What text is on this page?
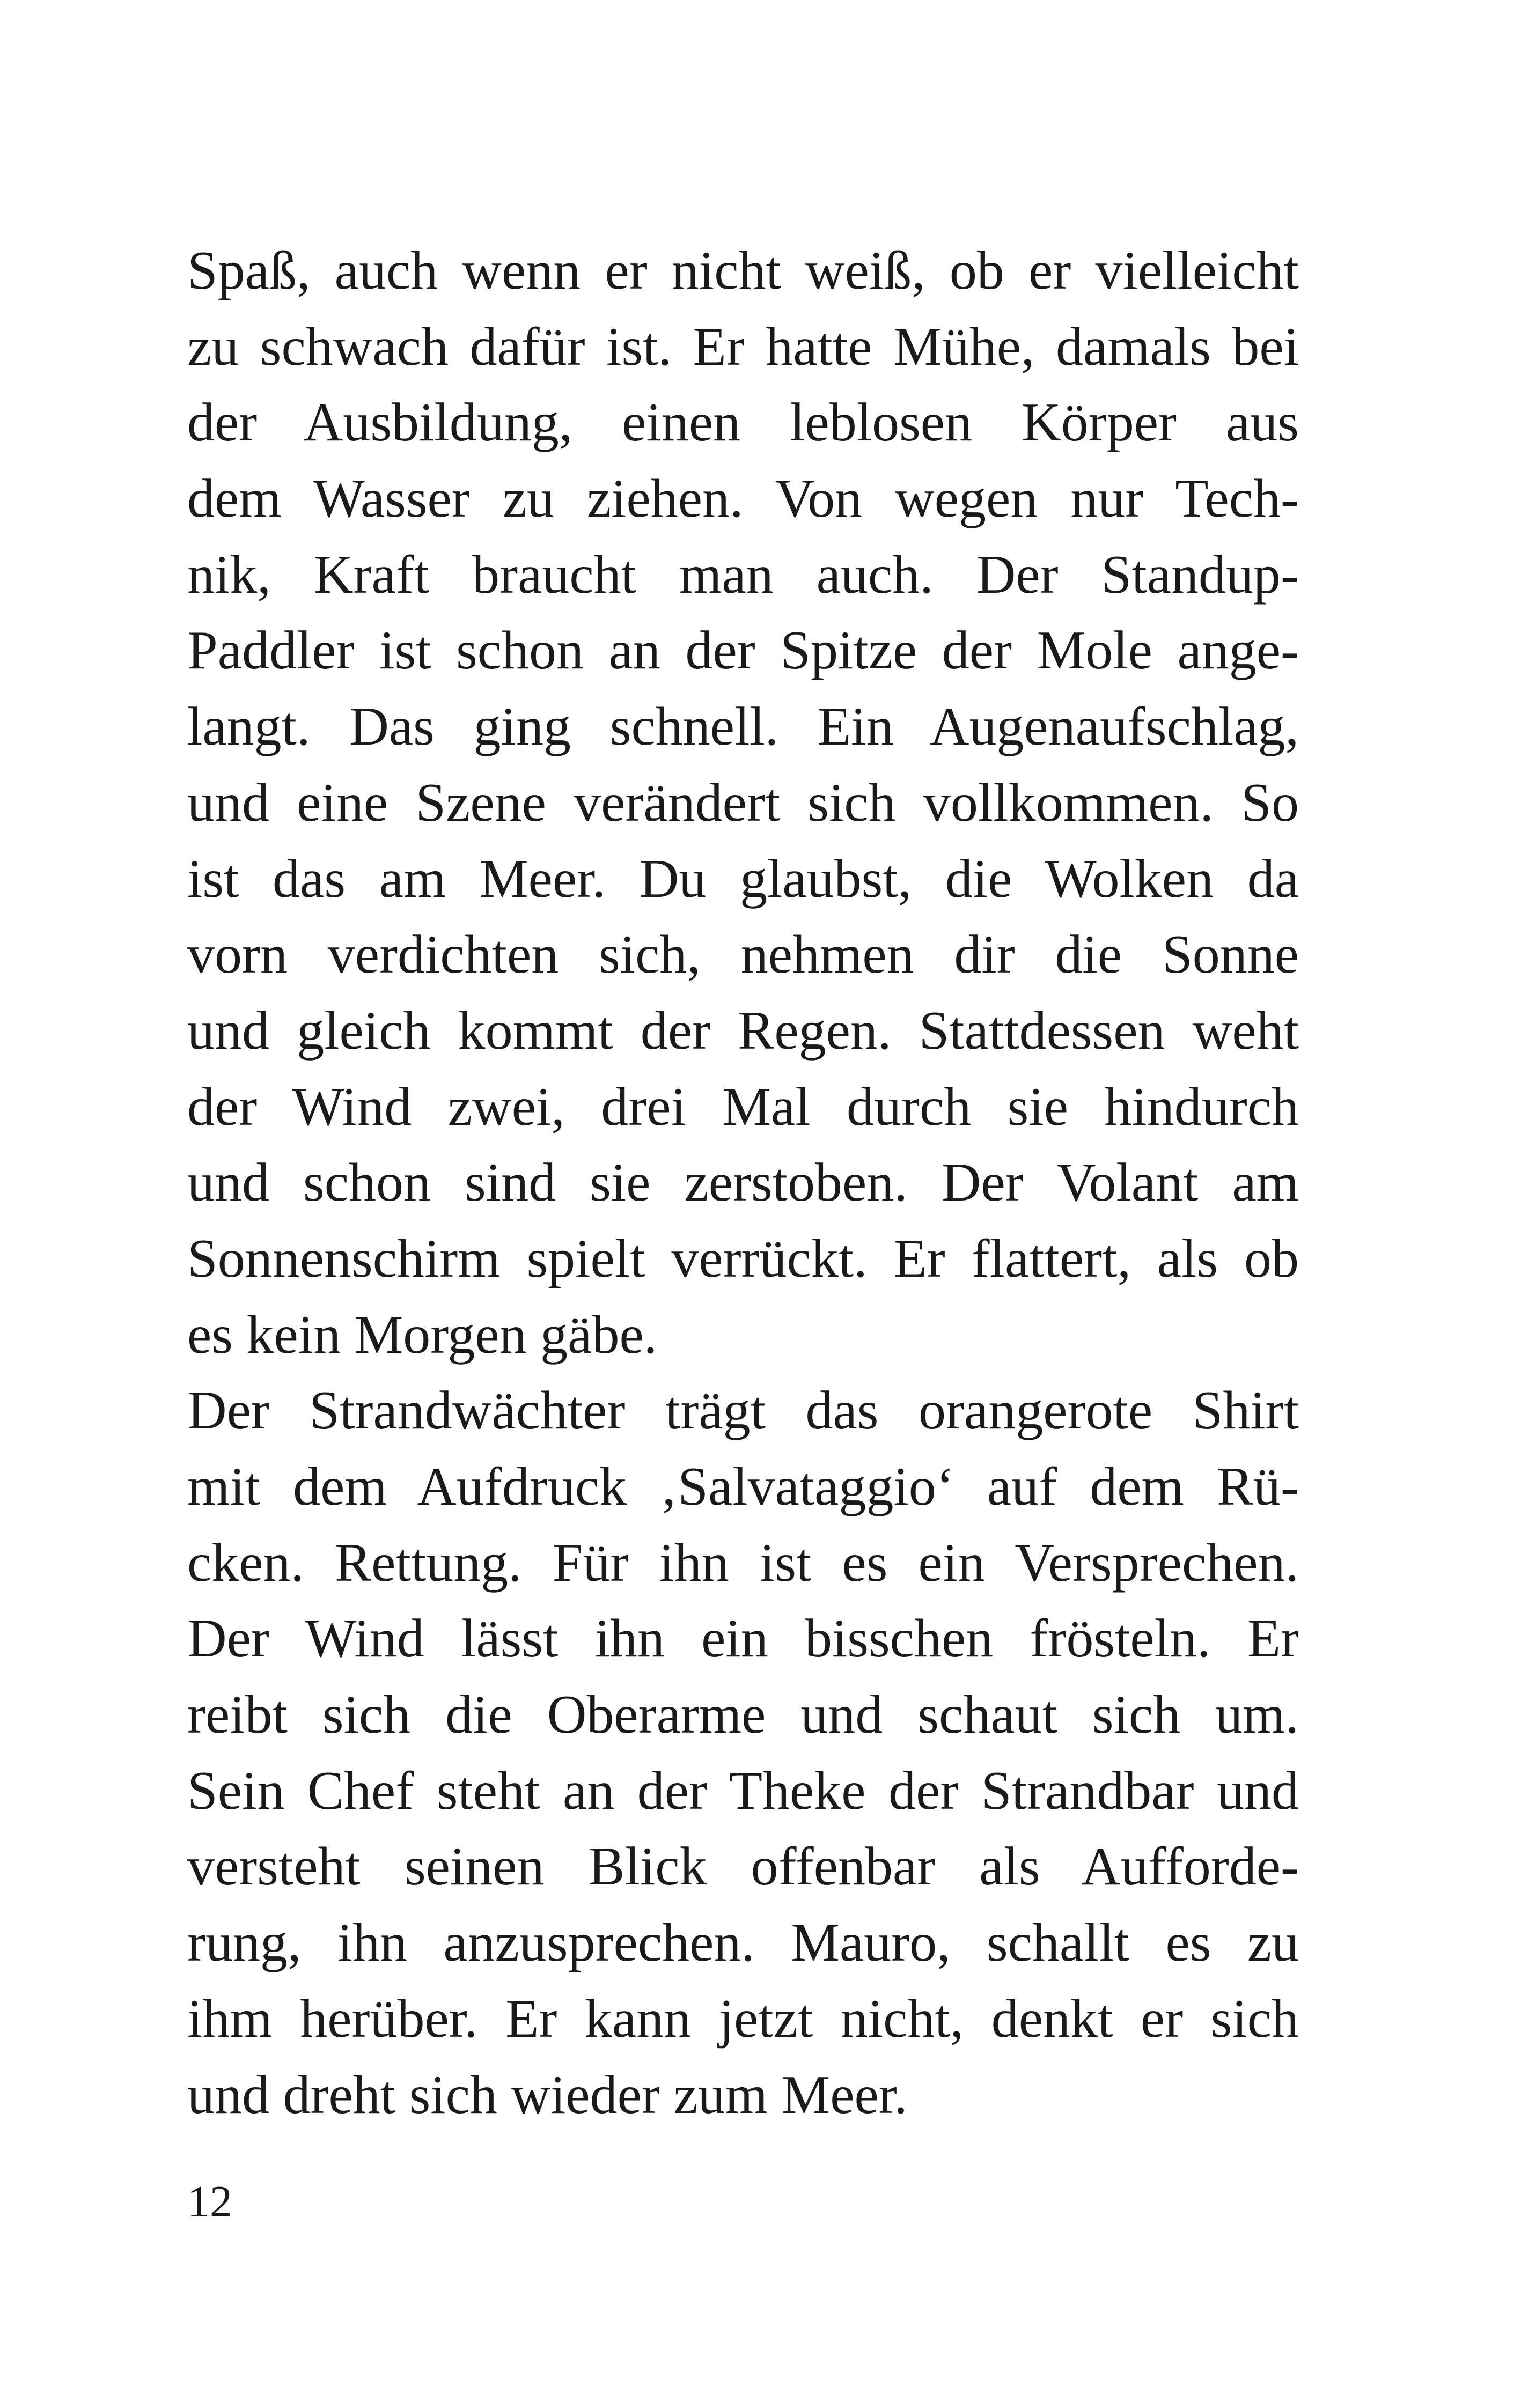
Spaß, auch wenn er nicht weiß, ob er vielleicht
zu schwach dafür ist. Er hatte Mühe, damals bei
der Ausbildung, einen leblosen Körper aus
dem Wasser zu ziehen. Von wegen nur Tech-
nik, Kraft braucht man auch. Der Standup-
Paddler ist schon an der Spitze der Mole ange-
langt. Das ging schnell. Ein Augenaufschlag,
und eine Szene verändert sich vollkommen. So
ist das am Meer. Du glaubst, die Wolken da
vorn verdichten sich, nehmen dir die Sonne
und gleich kommt der Regen. Stattdessen weht
der Wind zwei, drei Mal durch sie hindurch
und schon sind sie zerstoben. Der Volant am
Sonnenschirm spielt verrückt. Er flattert, als ob
es kein Morgen gäbe.
Der Strandwächter trägt das orangerote Shirt
mit dem Aufdruck ‚Salvataggio‘ auf dem Rü-
cken. Rettung. Für ihn ist es ein Versprechen.
Der Wind lässt ihn ein bisschen frösteln. Er
reibt sich die Oberarme und schaut sich um.
Sein Chef steht an der Theke der Strandbar und
versteht seinen Blick offenbar als Aufforde-
rung, ihn anzusprechen. Mauro, schallt es zu
ihm herüber. Er kann jetzt nicht, denkt er sich
und dreht sich wieder zum Meer.
12
